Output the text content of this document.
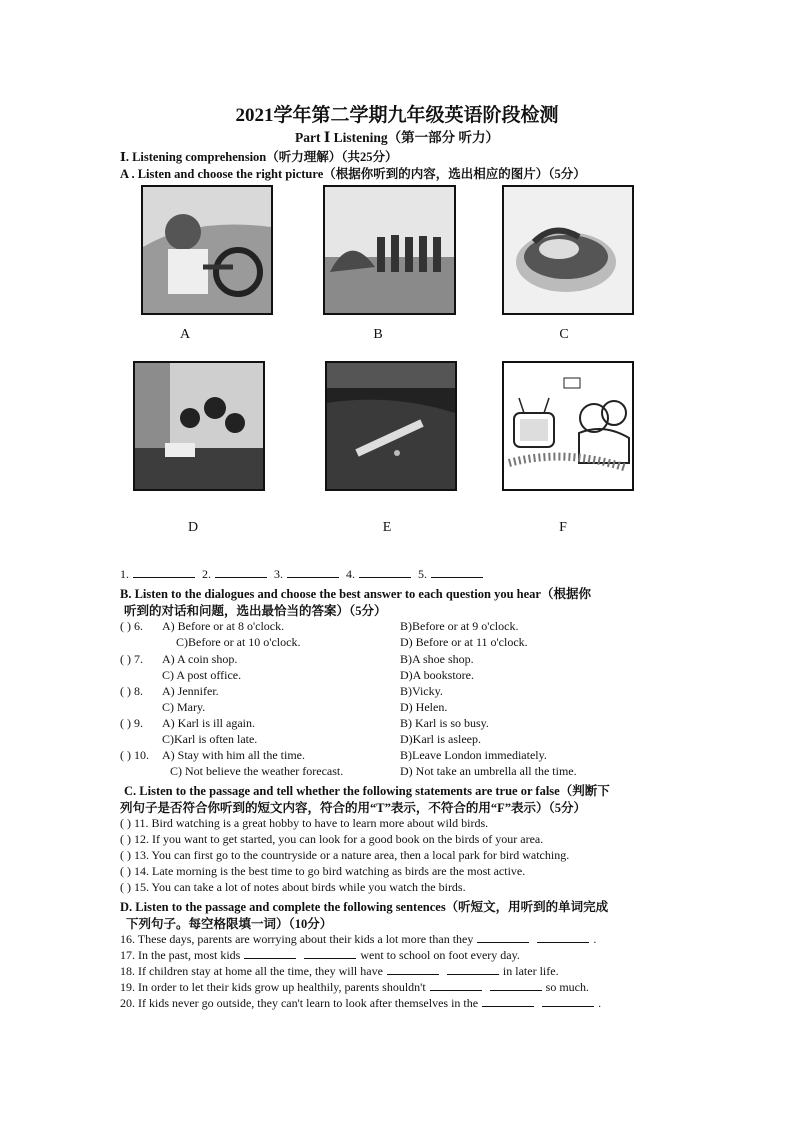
2021学年第二学期九年级英语阶段检测
Part Ⅰ Listening（第一部分 听力）
Ⅰ. Listening comprehension（听力理解）（共25分）
A . Listen and choose the right picture（根据你听到的内容，选出相应的图片）（5分）
A	B	C
D	E	F
1.	2.	3.	4.	5.
B. Listen to the dialogues and choose the best answer to each question you hear（根据你
听到的对话和问题，选出最恰当的答案）（5分）
( ) 6. A) Before or at 8 o'clock.	B)Before or at 9 o'clock.
C)Before or at 10 o'clock.	D) Before or at 11 o'clock.
( ) 7. A) A coin shop.	B)A shoe shop.
C) A post office.	D)A bookstore.
( ) 8. A) Jennifer.	B)Vicky.
C) Mary.	D) Helen.
( ) 9. A) Karl is ill again.	B) Karl is so busy.
C)Karl is often late.	D)Karl is asleep.
( ) 10. A) Stay with him all the time.	B)Leave London immediately.
C) Not believe the weather forecast.	D) Not take an umbrella all the time.
C. Listen to the passage and tell whether the following statements are true or false（判断下
列句子是否符合你听到的短文内容，符合的用“T”表示，不符合的用“F”表示）（5分）
( ) 11. Bird watching is a great hobby to have to learn more about wild birds.
( ) 12. If you want to get started, you can look for a good book on the birds of your area.
( ) 13. You can first go to the countryside or a nature area, then a local park for bird watching.
( ) 14. Late morning is the best time to go bird watching as birds are the most active.
( ) 15. You can take a lot of notes about birds while you watch the birds.
D. Listen to the passage and complete the following sentences（听短文，用听到的单词完成
下列句子。每空格限填一词）（10分）
16. These days, parents are worrying about their kids a lot more than they	.
17. In the past, most kids	went to school on foot every day.
18. If children stay at home all the time, they will have	in later life.
19. In order to let their kids grow up healthily, parents shouldn't	so much.
20. If kids never go outside, they can't learn to look after themselves in the	.
